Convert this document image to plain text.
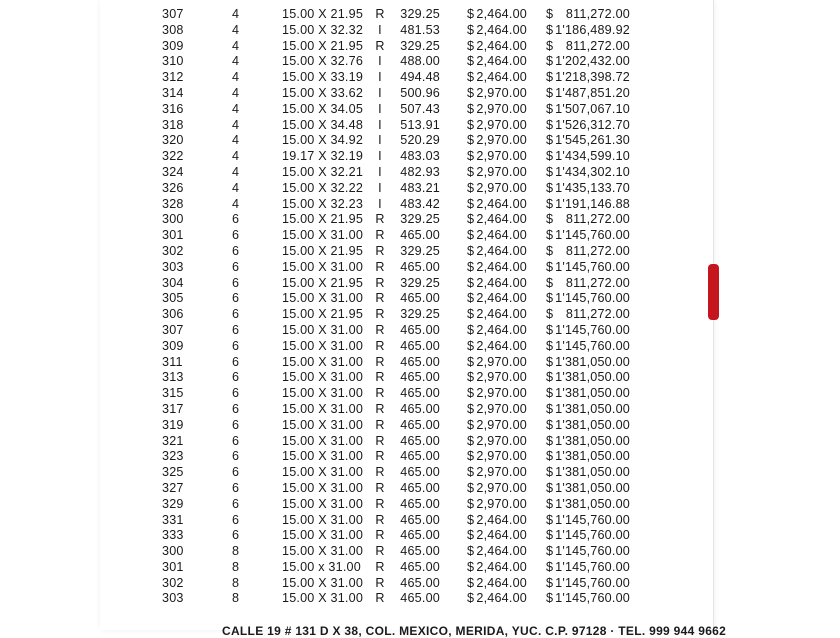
307	4	15.00 X 21.95 R	329.25 $ 2,464.00 $ 811,272.00
308	4	15.00 X 32.32	I	481.53 $ 2,464.00 $ 1'186,489.92
309	4	15.00 X 21.95 R	329.25 $ 2,464.00 $ 811,272.00
310	4	15.00 X 32.76	I	488.00 $ 2,464.00 $ 1'202,432.00
312	4	15.00 X 33.19	I	494.48 $ 2,464.00 $ 1'218,398.72
314	4	15.00 X 33.62	I	500.96 $ 2,970.00 $ 1'487,851.20
316	4	15.00 X 34.05	I	507.43 $ 2,970.00 $ 1'507,067.10
318	4	15.00 X 34.48	I	513.91 $ 2,970.00 $ 1'526,312.70
320	4	15.00 X 34.92	I	520.29 $ 2,970.00 $ 1'545,261.30
322	4	19.17 X 32.19	I	483.03 $ 2,970.00 $ 1'434,599.10
324	4	15.00 X 32.21	I	482.93 $ 2,970.00 $ 1'434,302.10
326	4	15.00 X 32.22	I	483.21 $ 2,970.00 $ 1'435,133.70
328	4	15.00 X 32.23	I	483.42 $ 2,464.00 $ 1'191,146.88
300	6	15.00 X 21.95 R	329.25 $ 2,464.00 $ 811,272.00
301	6	15.00 X 31.00 R	465.00 $ 2,464.00 $ 1'145,760.00
302	6	15.00 X 21.95 R	329.25 $ 2,464.00 $ 811,272.00
303	6	15.00 X 31.00 R	465.00 $ 2,464.00 $ 1'145,760.00
304	6	15.00 X 21.95 R	329.25 $ 2,464.00 $ 811,272.00
305	6	15.00 X 31.00 R	465.00 $ 2,464.00 $ 1'145,760.00
306	6	15.00 X 21.95 R	329.25 $ 2,464.00 $ 811,272.00
307	6	15.00 X 31.00 R	465.00 $ 2,464.00 $ 1'145,760.00
309	6	15.00 X 31.00 R	465.00 $ 2,464.00 $ 1'145,760.00
311	6	15.00 X 31.00 R	465.00 $ 2,970.00 $ 1'381,050.00
313	6	15.00 X 31.00 R	465.00 $ 2,970.00 $ 1'381,050.00
315	6	15.00 X 31.00 R	465.00 $ 2,970.00 $ 1'381,050.00
317	6	15.00 X 31.00 R	465.00 $ 2,970.00 $ 1'381,050.00
319	6	15.00 X 31.00 R	465.00 $ 2,970.00 $ 1'381,050.00
321	6	15.00 X 31.00 R	465.00 $ 2,970.00 $ 1'381,050.00
323	6	15.00 X 31.00 R	465.00 $ 2,970.00 $ 1'381,050.00
325	6	15.00 X 31.00 R	465.00 $ 2,970.00 $ 1'381,050.00
327	6	15.00 X 31.00 R	465.00 $ 2,970.00 $ 1'381,050.00
329	6	15.00 X 31.00 R	465.00 $ 2,970.00 $ 1'381,050.00
331	6	15.00 X 31.00 R	465.00 $ 2,464.00 $ 1'145,760.00
333	6	15.00 X 31.00 R	465.00 $ 2,464.00 $ 1'145,760.00
300	8	15.00 X 31.00 R	465.00 $ 2,464.00 $ 1'145,760.00
301	8	15.00 x 31.00 R	465.00 $ 2,464.00 $ 1'145,760.00
302	8	15.00 X 31.00 R	465.00 $ 2,464.00 $ 1'145,760.00
303	8	15.00 X 31.00 R	465.00 $ 2,464.00 $ 1'145,760.00
CALLE 19 # 131 D X 38, COL. MEXICO, MERIDA, YUC. C.P. 97128 · TEL. 999 944 9662
